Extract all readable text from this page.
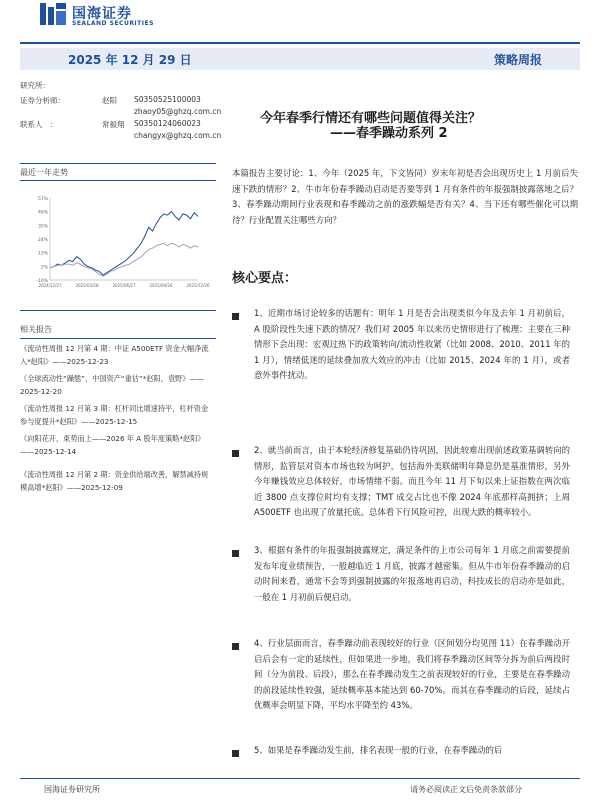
国海证券
SEALAND SECURITIES
2025 年 12 月 29 日	策略周报
研究所：
证券分析师：	赵阳 S0350525100003
zhaoy05@ghzq.com.cn
联系人　：	常毅翔 S0350124060023
changyx@ghzq.com.cn
今年春季行情还有哪些问题值得关注？
——春季躁动系列 2
最近一年走势
57%
46%
35%
24%
13%
2%
-10%
2024/12/27	2025/03/28	2025/06/27	2025/09/26	2025/12/26
相关报告
《流动性周报 12 月第 4 期：中证 A500ETF 资金大幅净流入*赵阳》——2025-12-23
《全球流动性“躁態”，中国资产“重估”*赵阳，袁野》——2025-12-20
《流动性周报 12 月第 3 期：杠杆同比增速持平，杠杆资金参与度提升*赵阳》——2025-12-15
《向阳花开，東势而上——2026 年 A 股年度策略*赵阳》——2025-12-14
《流动性周报 12 月第 2 期：资金供给端改善，解禁减持规模高增*赵阳》——2025-12-09
本篇报告主要讨论：1、今年（2025 年，下文皆同）岁末年初是否会出现历史上 1 月前后失速下跌的情形？2、牛市年份春季躁动启动是否要等到 1 月有条件的年报强制披露落地之后？3、春季躁动期间行业表现和春季躁动之前的涨跌幅是否有关？4、当下还有哪些催化可以期待？行业配置关注哪些方向？
核心要点：
1、近期市场讨论较多的话题有：明年 1 月是否会出现类似今年及去年 1 月初前后，A 股阶段性失速下跌的情况？我们对 2005 年以来历史情形进行了梳理：主要在三种情形下会出现：宏观过热下的政策转向/流动性收紧（比如 2008、2010、2011 年的 1 月），情绪低迷的延续叠加放大效应的冲击（比如 2015、2024 年的 1 月），或者意外事件扰动。
2、就当前而言，由于本轮经济修复基础仍待巩固，因此较难出现前述政策基调转向的情形，监管层对资本市场也较为呵护，包括海外美联储明年降息仍是基准情形，另外今年赚钱效应总体较好，市场情绪不弱。而且今年 11 月下旬以来上证指数在两次临近 3800 点支撑位时均有支撑；TMT 成交占比也不像 2024 年底那样高拥挤；上周 A500ETF 也出现了放量托底。总体看下行风险可控，出现大跌的概率较小。
3、根据有条件的年报强制披露规定，满足条件的上市公司每年 1 月底之前需要提前发布年度业绩预告，一般越临近 1 月底，披露才越密集。但从牛市年份春季躁动的启动时间来看，通常不会等到强制披露的年报落地再启动，科技成长的启动亦是如此，一般在 1 月初前后便启动。
4、行业层面而言，春季躁动前表现较好的行业（区间划分均见图 11）在春季躁动开启后会有一定的延续性，但如果进一步地，我们将春季躁动区间等分拆为前后两段时间（分为前段、后段），那么在春季躁动发生之前表现较好的行业，主要是在春季躁动的前段延续性较强，延续概率基本能达到 60-70%。而其在春季躁动的后段，延续占优概率会明显下降，平均水平降至约 43%。
5、如果是春季躁动发生前，排名表现一般的行业，在春季躁动的后
国海证券研究所	请务必阅读正文后免责条款部分
